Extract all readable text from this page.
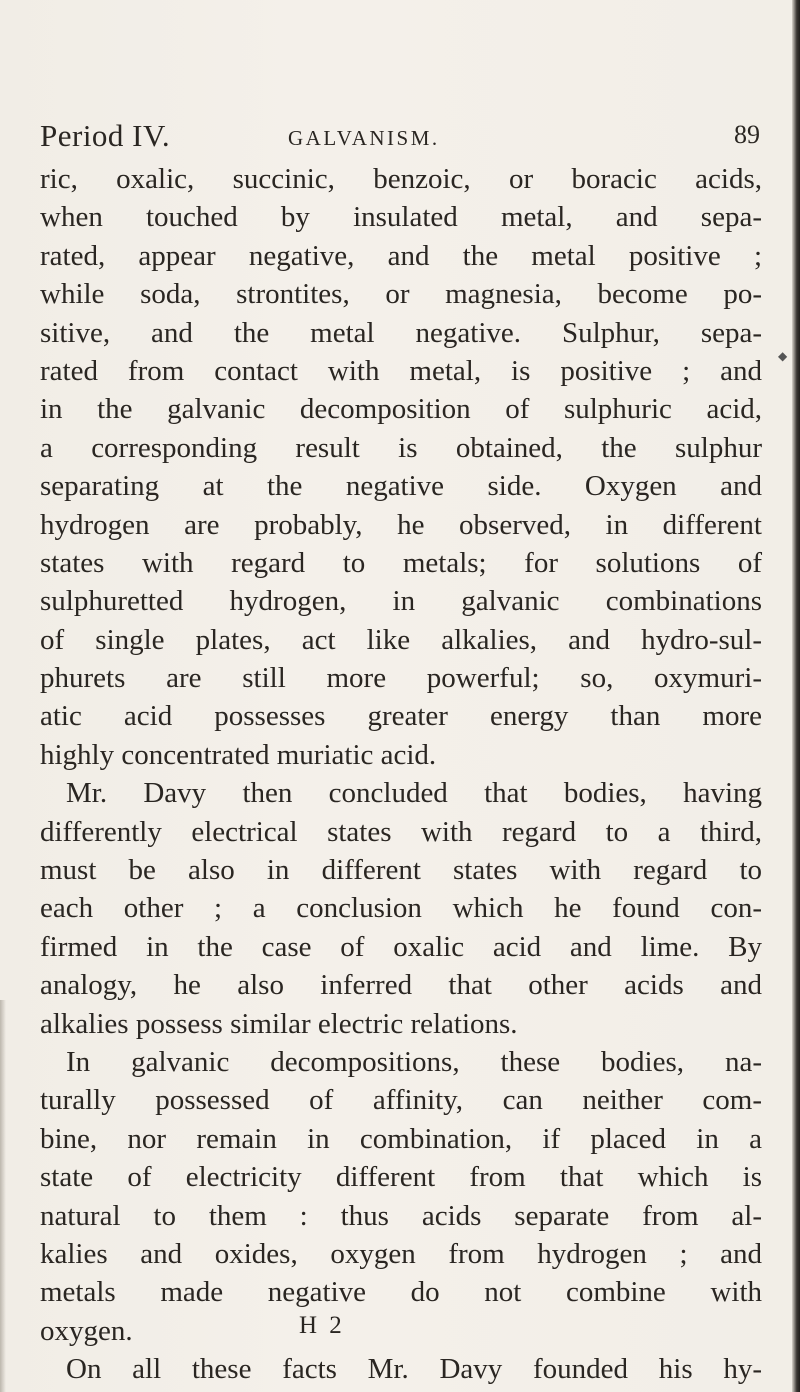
Period IV.	GALVANISM.	89
ric, oxalic, succinic, benzoic, or boracic acids,
when touched by insulated metal, and sepa-
rated, appear negative, and the metal positive ;
while soda, strontites, or magnesia, become po-
sitive, and the metal negative. Sulphur, sepa-
rated from contact with metal, is positive ; and
in the galvanic decomposition of sulphuric acid,
a corresponding result is obtained, the sulphur
separating at the negative side. Oxygen and
hydrogen are probably, he observed, in different
states with regard to metals; for solutions of
sulphuretted hydrogen, in galvanic combinations
of single plates, act like alkalies, and hydro-sul-
phurets are still more powerful; so, oxymuri-
atic acid possesses greater energy than more
highly concentrated muriatic acid.
Mr. Davy then concluded that bodies, having
differently electrical states with regard to a third,
must be also in different states with regard to
each other ; a conclusion which he found con-
firmed in the case of oxalic acid and lime. By
analogy, he also inferred that other acids and
alkalies possess similar electric relations.
In galvanic decompositions, these bodies, na-
turally possessed of affinity, can neither com-
bine, nor remain in combination, if placed in a
state of electricity different from that which is
natural to them : thus acids separate from al-
kalies and oxides, oxygen from hydrogen ; and
metals made negative do not combine with
oxygen.
On all these facts Mr. Davy founded his hy-
H 2
◆
